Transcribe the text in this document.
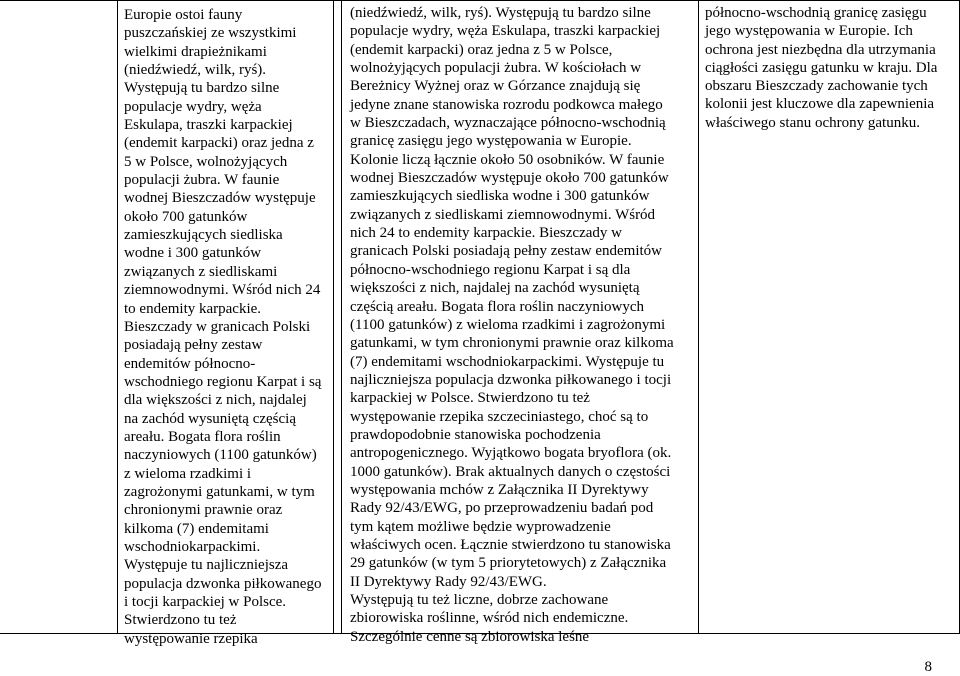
Europie ostoi fauny
puszczańskiej ze wszystkimi
wielkimi drapieżnikami
(niedźwiedź, wilk, ryś).
Występują tu bardzo silne
populacje wydry, węża
Eskulapa, traszki karpackiej
(endemit karpacki) oraz jedna z
5 w Polsce, wolnożyjących
populacji żubra. W faunie
wodnej Bieszczadów występuje
około 700 gatunków
zamieszkujących siedliska
wodne i 300 gatunków
związanych z siedliskami
ziemnowodnymi. Wśród nich 24
to endemity karpackie.
Bieszczady w granicach Polski
posiadają pełny zestaw
endemitów północno-
wschodniego regionu Karpat i są
dla większości z nich, najdalej
na zachód wysuniętą częścią
areału. Bogata flora roślin
naczyniowych (1100 gatunków)
z wieloma rzadkimi i
zagrożonymi gatunkami, w tym
chronionymi prawnie oraz
kilkoma (7) endemitami
wschodniokarpackimi.
Występuje tu najliczniejsza
populacja dzwonka piłkowanego
i tocji karpackiej w Polsce.
Stwierdzono tu też
występowanie rzepika

(niedźwiedź, wilk, ryś). Występują tu bardzo silne
populacje wydry, węża Eskulapa, traszki karpackiej
(endemit karpacki) oraz jedna z 5 w Polsce,
wolnożyjących populacji żubra. W kościołach w
Bereżnicy Wyżnej oraz w Górzance znajdują się
jedyne znane stanowiska rozrodu podkowca małego
w Bieszczadach, wyznaczające północno-wschodnią
granicę zasięgu jego występowania w Europie.
Kolonie liczą łącznie około 50 osobników. W faunie
wodnej Bieszczadów występuje około 700 gatunków
zamieszkujących siedliska wodne i 300 gatunków
związanych z siedliskami ziemnowodnymi. Wśród
nich 24 to endemity karpackie. Bieszczady w
granicach Polski posiadają pełny zestaw endemitów
północno-wschodniego regionu Karpat i są dla
większości z nich, najdalej na zachód wysuniętą
częścią areału. Bogata flora roślin naczyniowych
(1100 gatunków) z wieloma rzadkimi i zagrożonymi
gatunkami, w tym chronionymi prawnie oraz kilkoma
(7) endemitami wschodniokarpackimi. Występuje tu
najliczniejsza populacja dzwonka piłkowanego i tocji
karpackiej w Polsce. Stwierdzono tu też
występowanie rzepika szczeciniastego, choć są to
prawdopodobnie stanowiska pochodzenia
antropogenicznego. Wyjątkowo bogata bryoflora (ok.
1000 gatunków). Brak aktualnych danych o częstości
występowania mchów z Załącznika II Dyrektywy
Rady 92/43/EWG, po przeprowadzeniu badań pod
tym kątem możliwe będzie wyprowadzenie
właściwych ocen. Łącznie stwierdzono tu stanowiska
29 gatunków (w tym 5 priorytetowych) z Załącznika
II Dyrektywy Rady 92/43/EWG.
Występują tu też liczne, dobrze zachowane
zbiorowiska roślinne, wśród nich endemiczne.
Szczególnie cenne są zbiorowiska leśne

północno-wschodnią granicę zasięgu
jego występowania w Europie. Ich
ochrona jest niezbędna dla utrzymania
ciągłości zasięgu gatunku w kraju. Dla
obszaru Bieszczady zachowanie tych
kolonii jest kluczowe dla zapewnienia
właściwego stanu ochrony gatunku.

8
